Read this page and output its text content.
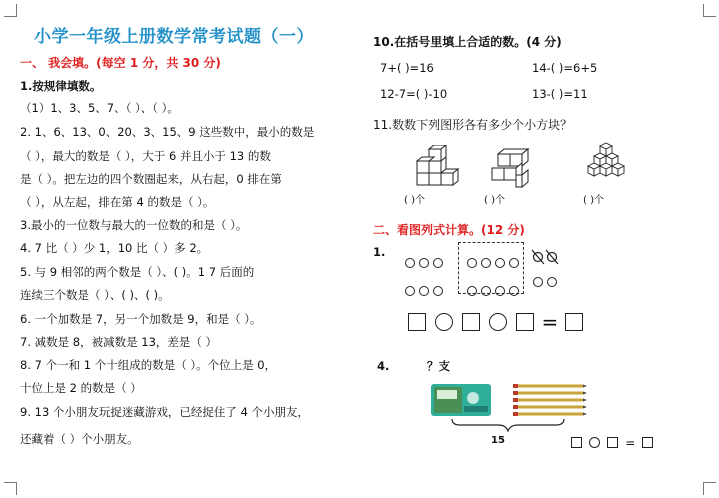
小学一年级上册数学常考试题（一）
一、 我会填。(每空 1 分，共 30 分)
1.按规律填数。
（1）1、3、5、7、（ ）、（ ）。
2. 1、6、13、0、20、3、15、9 这些数中，最小的数是
（ ），最大的数是（ ），大于 6 并且小于 13 的数
是（ ）。把左边的四个数圈起来，从右起，0 排在第
（ ），从左起，排在第 4 的数是（ ）。
3.最小的一位数与最大的一位数的和是（ ）。
4. 7 比（ ）少 1，10 比（ ）多 2。
5. 与 9 相邻的两个数是（ ）、( )。1 7 后面的
连续三个数是（ ）、( )、( )。
6. 一个加数是 7，另一个加数是 9，和是（ ）。
7. 减数是 8，被减数是 13，差是（ ）
8. 7 个一和 1 个十组成的数是（ ）。个位上是 0，
十位上是 2 的数是（ ）
9. 13 个小朋友玩捉迷藏游戏，已经捉住了 4 个小朋友，
还藏着（ ）个小朋友。
10.在括号里填上合适的数。(4 分)
7+( )=16	14-( )=6+5
12-7=( )-10	13-( )=11
11.数数下列图形各有多少个小方块？
( )个	( )个	( )个
二、看图列式计算。(12 分)
1.
=
4.	？支
15	=
